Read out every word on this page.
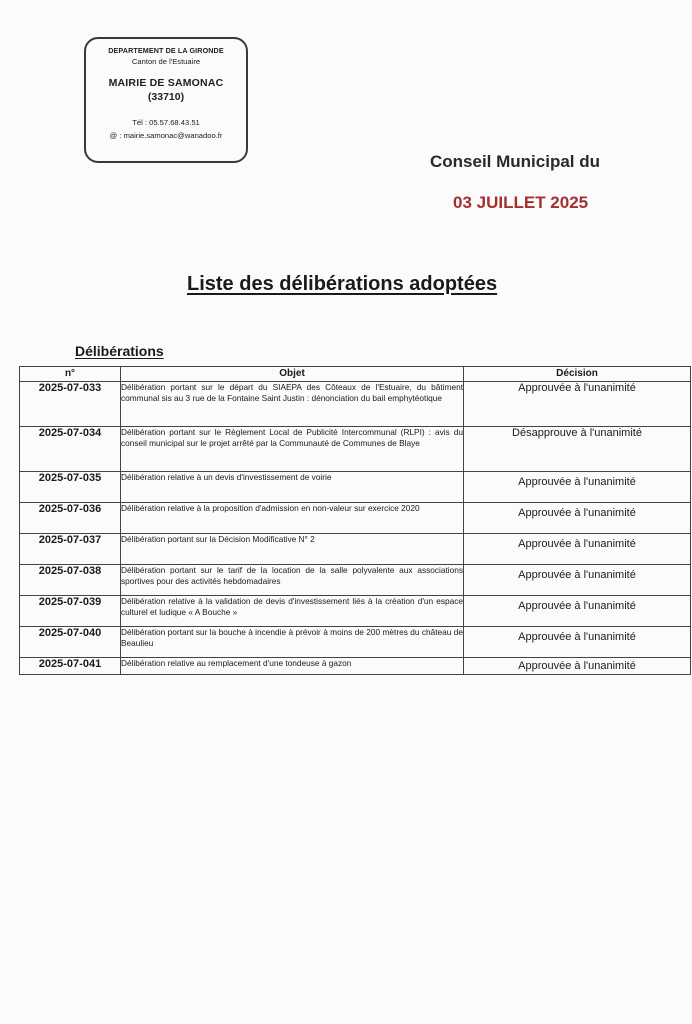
DEPARTEMENT DE LA GIRONDE
Canton de l'Estuaire
MAIRIE DE SAMONAC
(33710)
Tél : 05.57.68.43.51
@ : mairie.samonac@wanadoo.fr
Conseil Municipal du
03 JUILLET 2025
Liste des délibérations adoptées
Délibérations
n°	Objet	Décision
2025-07-033	Délibération portant sur le départ du SIAEPA des Côteaux de l'Estuaire, du bâtiment communal sis au 3 rue de la Fontaine Saint Justin : dénonciation du bail emphytéotique	Approuvée à l'unanimité
2025-07-034	Délibération portant sur le Règlement Local de Publicité Intercommunal (RLPI) : avis du conseil municipal sur le projet arrêté par la Communauté de Communes de Blaye	Désapprouve à l'unanimité
2025-07-035	Délibération relative à un devis d'investissement de voirie	Approuvée à l'unanimité
2025-07-036	Délibération relative à la proposition d'admission en non-valeur sur exercice 2020	Approuvée à l'unanimité
2025-07-037	Délibération portant sur la Décision Modificative N° 2	Approuvée à l'unanimité
2025-07-038	Délibération portant sur le tarif de la location de la salle polyvalente aux associations sportives pour des activités hebdomadaires	Approuvée à l'unanimité
2025-07-039	Délibération relative à la validation de devis d'investissement liés à la création d'un espace culturel et ludique « A Bouche »	Approuvée à l'unanimité
2025-07-040	Délibération portant sur la bouche à incendie à prévoir à moins de 200 mètres du château de Beaulieu	Approuvée à l'unanimité
2025-07-041	Délibération relative au remplacement d'une tondeuse à gazon	Approuvée à l'unanimité
